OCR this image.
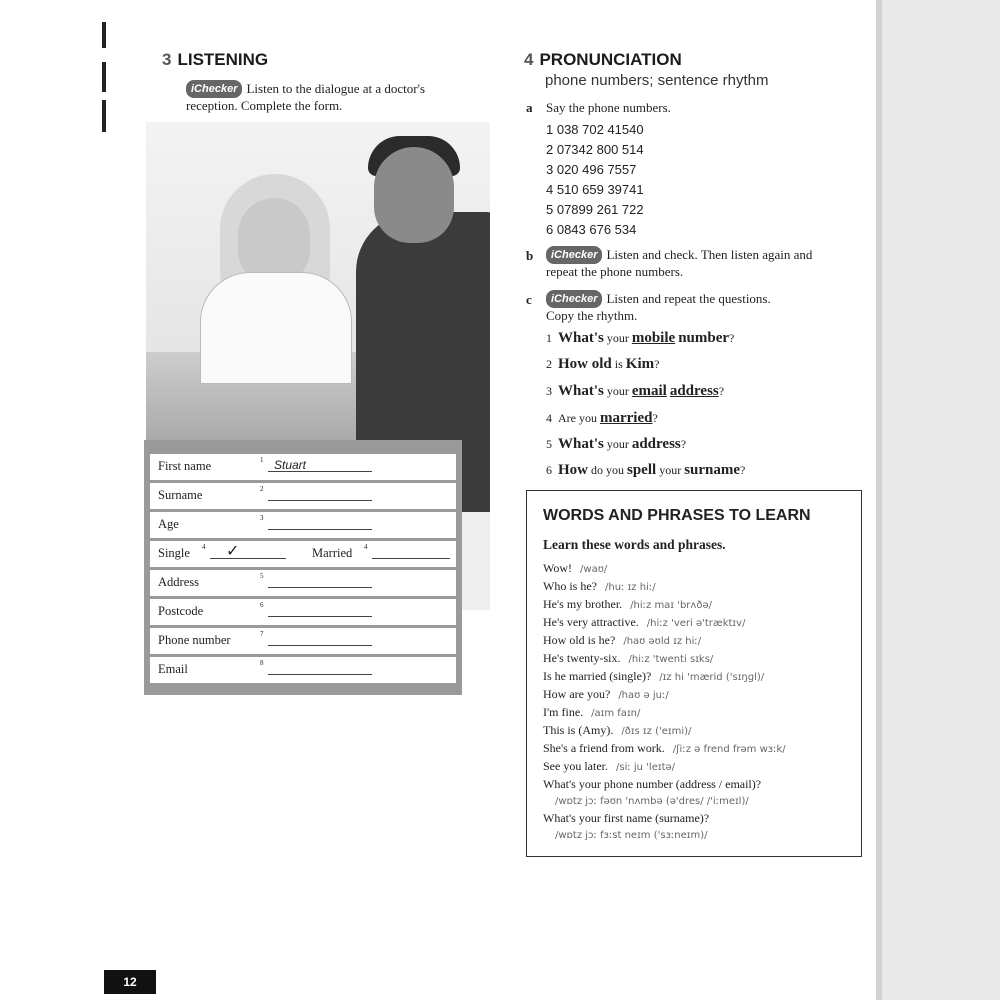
3 LISTENING
iChecker Listen to the dialogue at a doctor's
reception. Complete the form.
First name	1 Stuart
Surname	2
Age	3
Single 4 ✓	Married 4
Address	5
Postcode	6
Phone number	7
Email	8
4 PRONUNCIATION
phone numbers; sentence rhythm
a Say the phone numbers.
1 038 702 41540
2 07342 800 514
3 020 496 7557
4 510 659 39741
5 07899 261 722
6 0843 676 534
b	iChecker Listen and check. Then listen again and
repeat the phone numbers.
c	iChecker Listen and repeat the questions.
Copy the rhythm.
1 What's your mobile number?
2 How old is Kim?
3 What's your email address?
4 Are you married?
5 What's your address?
6 How do you spell your surname?
WORDS AND PHRASES TO LEARN
Learn these words and phrases.
Wow! /waʊ/
Who is he? /huː ɪz hiː/
He's my brother. /hiːz maɪ 'brʌðə/
He's very attractive. /hiːz 'veri ə'træktɪv/
How old is he? /haʊ əʊld ɪz hiː/
He's twenty-six. /hiːz 'twenti sɪks/
Is he married (single)? /ɪz hi 'mærid ('sɪŋgl)/
How are you? /haʊ ə juː/
I'm fine. /aɪm faɪn/
This is (Amy). /ðɪs ɪz ('eɪmi)/
She's a friend from work. /ʃiːz ə frend frəm wɜːk/
See you later. /siː ju 'leɪtə/
What's your phone number (address / email)?
/wɒtz jɔː fəʊn 'nʌmbə (ə'dres/ /'iːmeɪl)/
What's your first name (surname)?
/wɒtz jɔː fɜːst neɪm ('sɜːneɪm)/
12
